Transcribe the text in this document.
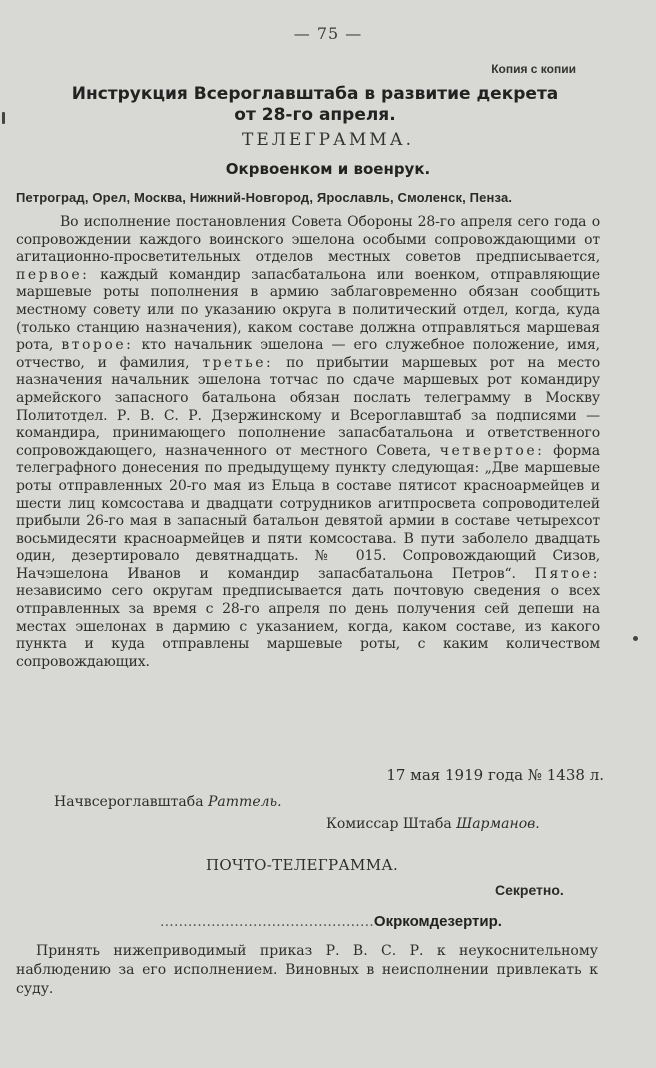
— 75 —
Копия с копии
Инструкция Всероглавштаба в развитие декрета
от 28-го апреля.
ТЕЛЕГРАММА.
Окрвоенком и военрук.
Петроград, Орел, Москва, Нижний-Новгород, Ярославль, Смоленск, Пенза.

Во исполнение постановления Совета Обороны 28-го апреля сего года о сопровождении каждого воинского эшелона особыми сопровождающими от агитационно-просветительных отделов местных советов предписывается, первое: каждый командир запасбатальона или военком, отправляющие маршевые роты пополнения в армию заблаговременно обязан сообщить местному совету или по указанию округа в политический отдел, когда, куда (только станцию назначения), каком составе должна отправляться маршевая рота, второе: кто начальник эшелона — его служебное положение, имя, отчество, и фамилия, третье: по прибытии маршевых рот на место назначения начальник эшелона тотчас по сдаче маршевых рот командиру армейского запасного батальона обязан послать телеграмму в Москву Политотдел. Р. В. С. Р. Дзержинскому и Всероглавштаб за подписями — командира, принимающего пополнение запасбатальона и ответственного сопровождающего, назначенного от местного Совета, четвертое: форма телеграфного донесения по предыдущему пункту следующая: „Две маршевые роты отправленных 20-го мая из Ельца в составе пятисот красноармейцев и шести лиц комсостава и двадцати сотрудников агитпросвета сопроводителей прибыли 26-го мая в запасный батальон девятой армии в составе четырехсот восьмидесяти красноармейцев и пяти комсостава. В пути заболело двадцать один, дезертировало девятнадцать. № 015. Сопровождающий Сизов, Начэшелона Иванов и командир запасбатальона Петров“. Пятое: независимо сего округам предписывается дать почтовую сведения о всех отправленных за время с 28-го апреля по день получения сей депеши на местах эшелонах в дармию с указанием, когда, каком составе, из какого пункта и куда отправлены маршевые роты, с каким количеством сопровождающих.

17 мая 1919 года № 1438 л.
Начвсероглавштаба Раттель.
Комиссар Штаба Шарманов.
ПОЧТО-ТЕЛЕГРАММА.
Секретно.
..............................................Окркомдезертир.

Принять нижеприводимый приказ Р. В. С. Р. к неукоснительному наблюдению за его исполнением. Виновных в неисполнении привлекать к суду.
